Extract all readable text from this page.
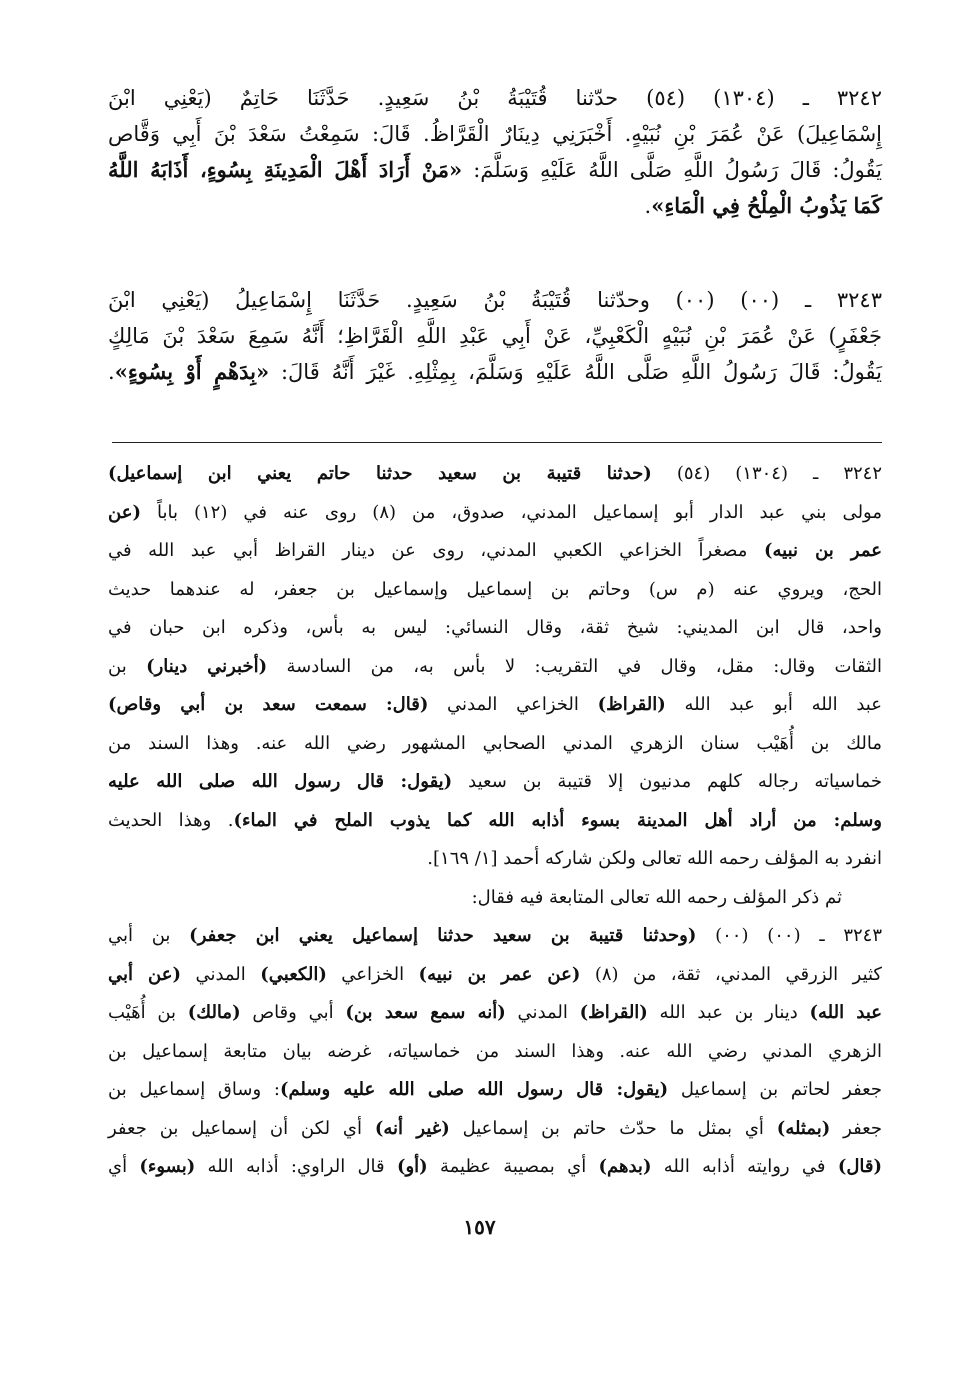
٣٢٤٢ ـ (١٣٠٤) (٥٤) حدّثنا قُتَيْبَةُ بْنُ سَعِيدٍ. حَدَّثَنَا حَاتِمٌ (يَعْنِي ابْنَ
إِسْمَاعِيلَ) عَنْ عُمَرَ بْنِ نُبَيْهٍ. أَخْبَرَنِي دِينَارٌ الْقَرَّاظُ. قَالَ: سَمِعْتُ سَعْدَ بْنَ أَبِي وَقَّاص
يَقُولُ: قَالَ رَسُولُ اللَّهِ صَلَّى اللَّهُ عَلَيْهِ وَسَلَّمَ: «مَنْ أَرَادَ أَهْلَ الْمَدِينَةِ بِسُوءٍ، أَذَابَهُ اللَّهُ
كَمَا يَذُوبُ الْمِلْحُ فِي الْمَاءِ».
٣٢٤٣ ـ (٠٠) (٠٠) وحدّثنا قُتَيْبَةُ بْنُ سَعِيدٍ. حَدَّثَنَا إِسْمَاعِيلُ (يَعْنِي ابْنَ
جَعْفَرٍ) عَنْ عُمَرَ بْنِ نُبَيْهٍ الْكَعْبِيِّ، عَنْ أَبِي عَبْدِ اللَّهِ الْقَرَّاظِ؛ أَنَّهُ سَمِعَ سَعْدَ بْنَ مَالِكٍ
يَقُولُ: قَالَ رَسُولُ اللَّهِ صَلَّى اللَّهُ عَلَيْهِ وَسَلَّمَ، بِمِثْلِهِ. غَيْرَ أَنَّهُ قَالَ: «بِدَهْمٍ أَوْ بِسُوءٍ».
٣٢٤٢ ـ (١٣٠٤) (٥٤) (حدثنا قتيبة بن سعيد حدثنا حاتم يعني ابن إسماعيل)
مولى بني عبد الدار أبو إسماعيل المدني، صدوق، من (٨) روى عنه في (١٢) باباً (عن
عمر بن نبيه) مصغراً الخزاعي الكعبي المدني، روى عن دينار القراظ أبي عبد الله في
الحج، ويروي عنه (م س) وحاتم بن إسماعيل وإسماعيل بن جعفر، له عندهما حديث
واحد، قال ابن المديني: شيخ ثقة، وقال النسائي: ليس به بأس، وذكره ابن حبان في
الثقات وقال: مقل، وقال في التقريب: لا بأس به، من السادسة (أخبرني دينار) بن
عبد الله أبو عبد الله (القراظ) الخزاعي المدني (قال: سمعت سعد بن أبي وقاص)
مالك بن أُهَيْب سنان الزهري المدني الصحابي المشهور رضي الله عنه. وهذا السند من
خماسياته رجاله كلهم مدنيون إلا قتيبة بن سعيد (يقول: قال رسول الله صلى الله عليه
وسلم: من أراد أهل المدينة بسوء أذابه الله كما يذوب الملح في الماء). وهذا الحديث
انفرد به المؤلف رحمه الله تعالى ولكن شاركه أحمد [١/ ١٦٩].
ثم ذكر المؤلف رحمه الله تعالى المتابعة فيه فقال:
٣٢٤٣ ـ (٠٠) (٠٠) (وحدثنا قتيبة بن سعيد حدثنا إسماعيل يعني ابن جعفر) بن أبي
كثير الزرقي المدني، ثقة، من (٨) (عن عمر بن نبيه) الخزاعي (الكعبي) المدني (عن أبي
عبد الله) دينار بن عبد الله (القراظ) المدني (أنه سمع سعد بن) أبي وقاص (مالك) بن أُهَيْب
الزهري المدني رضي الله عنه. وهذا السند من خماسياته، غرضه بيان متابعة إسماعيل بن
جعفر لحاتم بن إسماعيل (يقول: قال رسول الله صلى الله عليه وسلم): وساق إسماعيل بن
جعفر (بمثله) أي بمثل ما حدّث حاتم بن إسماعيل (غير أنه) أي لكن أن إسماعيل بن جعفر
(قال) في روايته أذابه الله (بدهم) أي بمصيبة عظيمة (أو) قال الراوي: أذابه الله (بسوء) أي
١٥٧
